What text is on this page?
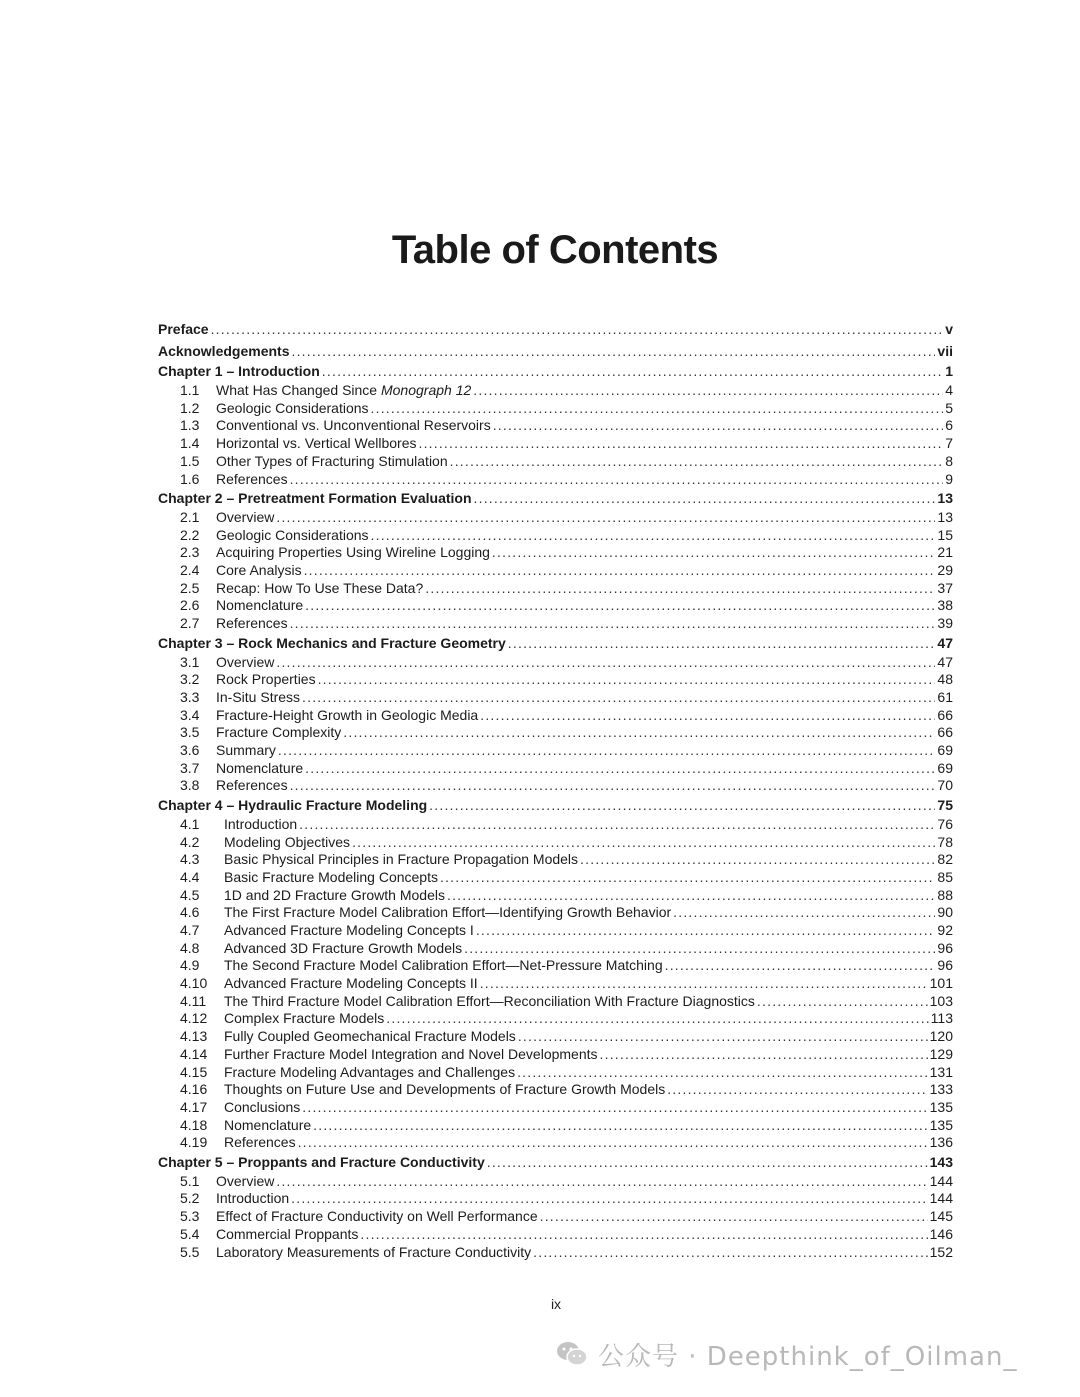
Table of Contents
Preface .....	v
Acknowledgements .....	vii
Chapter 1 – Introduction .....	1
1.1	What Has Changed Since Monograph 12 .....	4
1.2	Geologic Considerations .....	5
1.3	Conventional vs. Unconventional Reservoirs .....	6
1.4	Horizontal vs. Vertical Wellbores .....	7
1.5	Other Types of Fracturing Stimulation .....	8
1.6	References .....	9
Chapter 2 – Pretreatment Formation Evaluation .....	13
2.1	Overview .....	13
2.2	Geologic Considerations .....	15
2.3	Acquiring Properties Using Wireline Logging .....	21
2.4	Core Analysis .....	29
2.5	Recap: How To Use These Data? .....	37
2.6	Nomenclature .....	38
2.7	References .....	39
Chapter 3 – Rock Mechanics and Fracture Geometry .....	47
3.1	Overview .....	47
3.2	Rock Properties .....	48
3.3	In-Situ Stress .....	61
3.4	Fracture-Height Growth in Geologic Media .....	66
3.5	Fracture Complexity .....	66
3.6	Summary .....	69
3.7	Nomenclature .....	69
3.8	References .....	70
Chapter 4 – Hydraulic Fracture Modeling .....	75
4.1	Introduction .....	76
4.2	Modeling Objectives .....	78
4.3	Basic Physical Principles in Fracture Propagation Models .....	82
4.4	Basic Fracture Modeling Concepts .....	85
4.5	1D and 2D Fracture Growth Models .....	88
4.6	The First Fracture Model Calibration Effort—Identifying Growth Behavior .....	90
4.7	Advanced Fracture Modeling Concepts I .....	92
4.8	Advanced 3D Fracture Growth Models .....	96
4.9	The Second Fracture Model Calibration Effort—Net-Pressure Matching .....	96
4.10	Advanced Fracture Modeling Concepts II .....	101
4.11	The Third Fracture Model Calibration Effort—Reconciliation With Fracture Diagnostics .....	103
4.12	Complex Fracture Models .....	113
4.13	Fully Coupled Geomechanical Fracture Models .....	120
4.14	Further Fracture Model Integration and Novel Developments .....	129
4.15	Fracture Modeling Advantages and Challenges .....	131
4.16	Thoughts on Future Use and Developments of Fracture Growth Models .....	133
4.17	Conclusions .....	135
4.18	Nomenclature .....	135
4.19	References .....	136
Chapter 5 – Proppants and Fracture Conductivity .....	143
5.1	Overview .....	144
5.2	Introduction .....	144
5.3	Effect of Fracture Conductivity on Well Performance .....	145
5.4	Commercial Proppants .....	146
5.5	Laboratory Measurements of Fracture Conductivity .....	152
ix
公众号 · Deepthink_of_Oilman_
